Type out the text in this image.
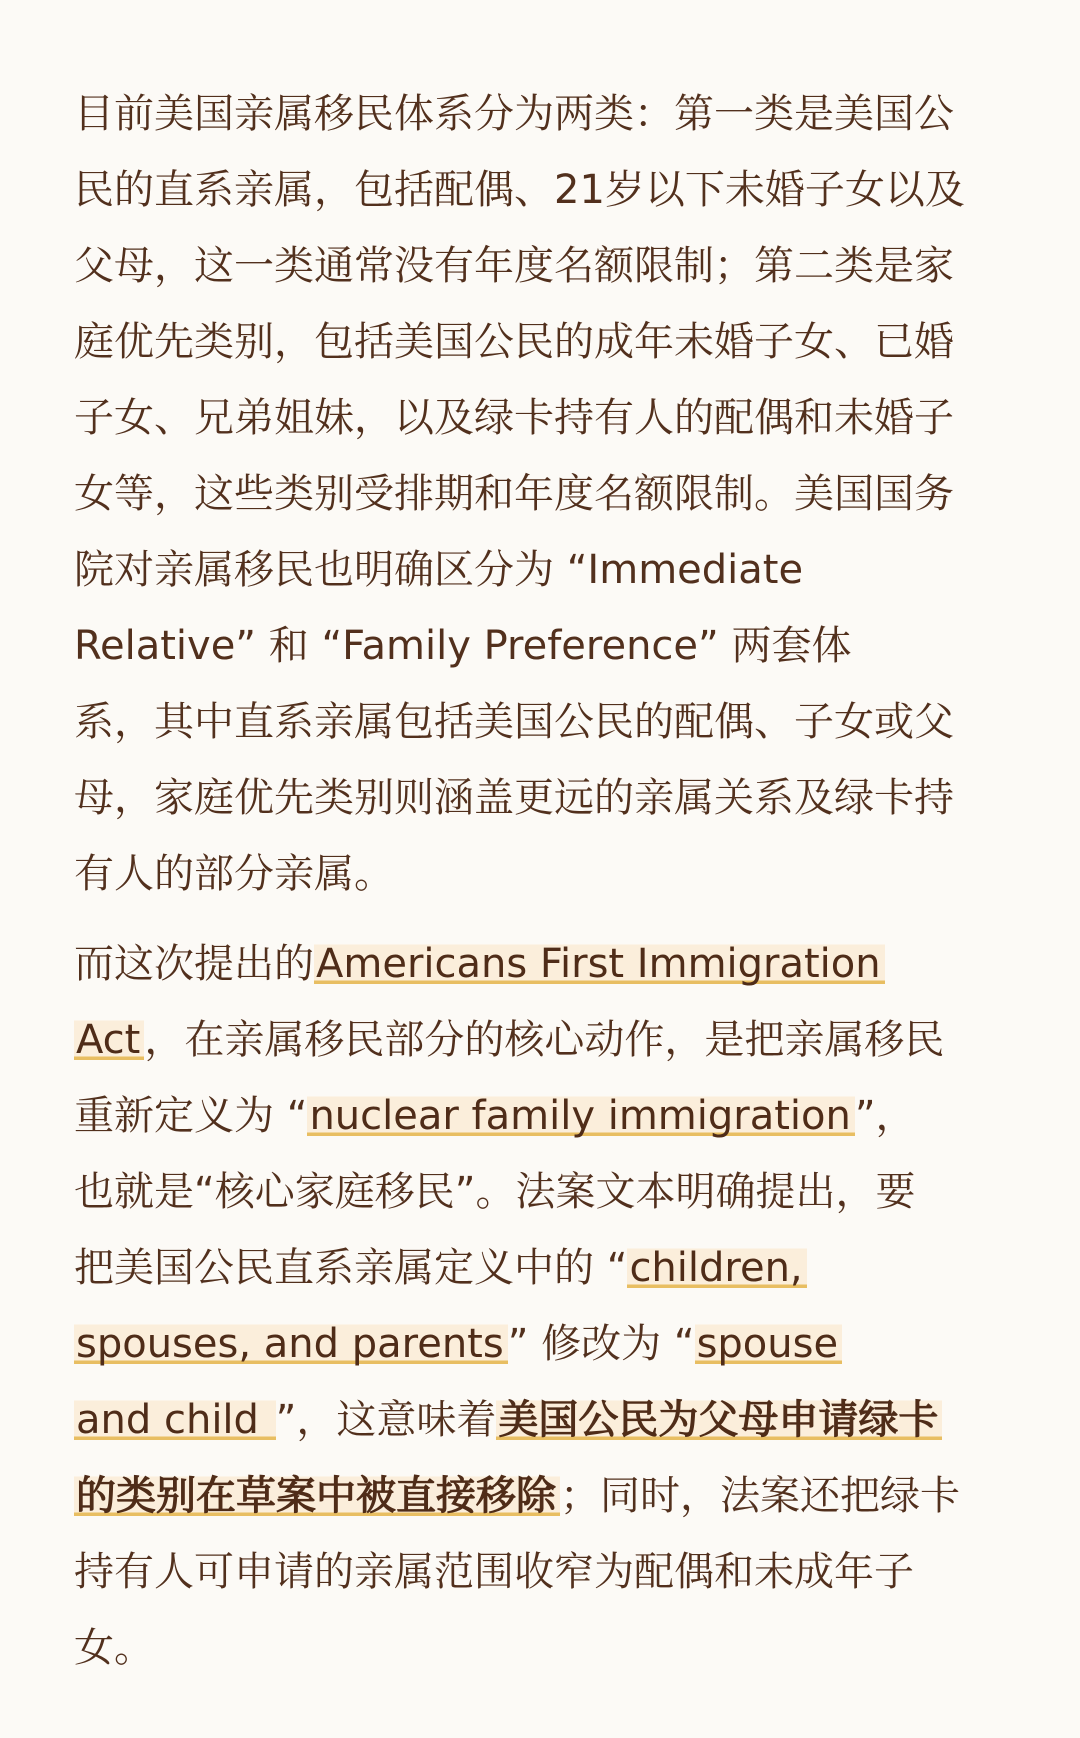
目前美国亲属移民体系分为两类：第一类是美国公
民的直系亲属，包括配偶、21岁以下未婚子女以及
父母，这一类通常没有年度名额限制；第二类是家
庭优先类别，包括美国公民的成年未婚子女、已婚
子女、兄弟姐妹，以及绿卡持有人的配偶和未婚子
女等，这些类别受排期和年度名额限制。美国国务
院对亲属移民也明确区分为 “Immediate
Relative” 和 “Family Preference” 两套体
系，其中直系亲属包括美国公民的配偶、子女或父
母，家庭优先类别则涵盖更远的亲属关系及绿卡持
有人的部分亲属。

而这次提出的Americans First Immigration
Act ，在亲属移民部分的核心动作，是把亲属移民
重新定义为 “nuclear family immigration ”，
也就是“核心家庭移民”。法案文本明确提出，要
把美国公民直系亲属定义中的 “children,
spouses, and parents ” 修改为 “spouse
and child ”，这意味着美国公民为父母申请绿卡
的类别在草案中被直接移除 ；同时，法案还把绿卡
持有人可申请的亲属范围收窄为配偶和未成年子
女。
